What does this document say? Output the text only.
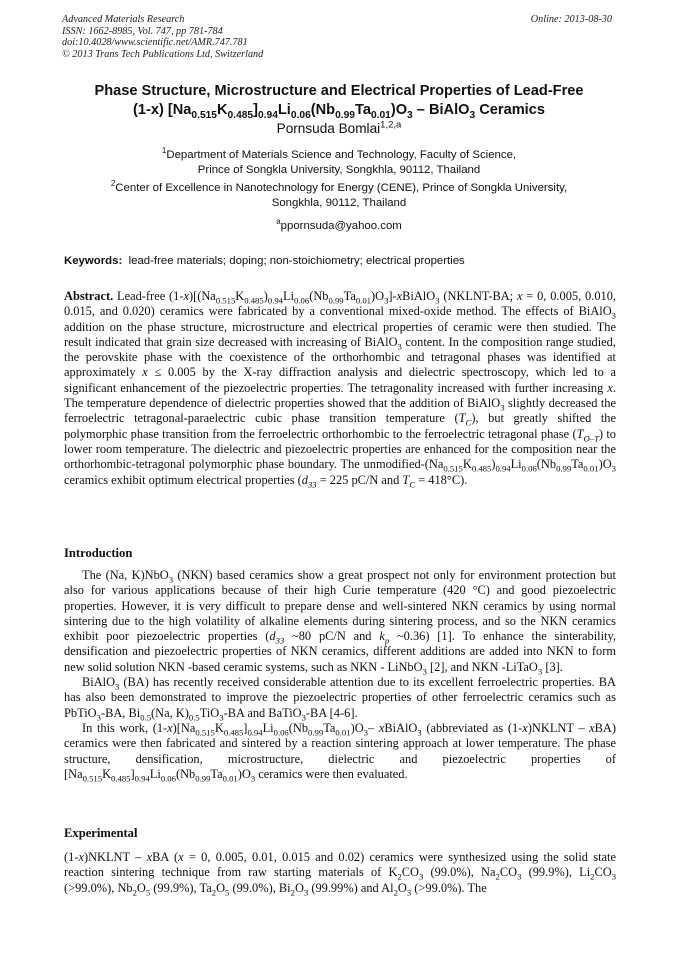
Advanced Materials Research
ISSN: 1662-8985, Vol. 747, pp 781-784
doi:10.4028/www.scientific.net/AMR.747.781
© 2013 Trans Tech Publications Ltd, Switzerland
Online: 2013-08-30
Phase Structure, Microstructure and Electrical Properties of Lead-Free
(1-x) $[Na_{0.515}K_{0.485}]_{0.94}Li_{0.06}(Nb_{0.99}Ta_{0.01})O_3$ – BiAlO$_3$ Ceramics
Pornsuda Bomlai$^{1,2,a}$
$^1$Department of Materials Science and Technology, Faculty of Science,
Prince of Songkla University, Songkhla, 90112, Thailand
$^2$Center of Excellence in Nanotechnology for Energy (CENE), Prince of Songkla University,
Songkhla, 90112, Thailand
$^a$ppornsuda@yahoo.com
Keywords: lead-free materials; doping; non-stoichiometry; electrical properties
Abstract. Lead-free $(1-x)[(Na_{0.515}K_{0.485})_{0.94}Li_{0.06}(Nb_{0.99}Ta_{0.01})O_3]-xBiAlO_3$ (NKLNT-BA; x = 0, 0.005, 0.010, 0.015, and 0.020) ceramics were fabricated by a conventional mixed-oxide method. The effects of BiAlO$_3$ addition on the phase structure, microstructure and electrical properties of ceramic were then studied. The result indicated that grain size decreased with increasing of BiAlO$_3$ content. In the composition range studied, the perovskite phase with the coexistence of the orthorhombic and tetragonal phases was identified at approximately x ≤ 0.005 by the X-ray diffraction analysis and dielectric spectroscopy, which led to a significant enhancement of the piezoelectric properties. The tetragonality increased with further increasing x. The temperature dependence of dielectric properties showed that the addition of BiAlO$_3$ slightly decreased the ferroelectric tetragonal-paraelectric cubic phase transition temperature $(T_C)$, but greatly shifted the polymorphic phase transition from the ferroelectric orthorhombic to the ferroelectric tetragonal phase $(T_{O-T})$ to lower room temperature. The dielectric and piezoelectric properties are enhanced for the composition near the orthorhombic-tetragonal polymorphic phase boundary. The unmodified-$(Na_{0.515}K_{0.485})_{0.94}Li_{0.06}(Nb_{0.99}Ta_{0.01})O_3$ ceramics exhibit optimum electrical properties ($d_{33} = 225$ pC/N and $T_C = 418^\circ C$).
Introduction

The (Na, K)NbO$_3$ (NKN) based ceramics show a great prospect not only for environment protection but also for various applications because of their high Curie temperature (420 °C) and good piezoelectric properties. However, it is very difficult to prepare dense and well-sintered NKN ceramics by using normal sintering due to the high volatility of alkaline elements during sintering process, and so the NKN ceramics exhibit poor piezoelectric properties ($d_{33}$ ~80 pC/N and $k_p$ ~0.36) [1]. To enhance the sinterability, densification and piezoelectric properties of NKN ceramics, different additions are added into NKN to form new solid solution NKN -based ceramic systems, such as NKN - LiNbO$_3$ [2], and NKN -LiTaO$_3$ [3].

BiAlO$_3$ (BA) has recently received considerable attention due to its excellent ferroelectric properties. BA has also been demonstrated to improve the piezoelectric properties of other ferroelectric ceramics such as PbTiO$_3$-BA, $Bi_{0.5}(Na$, $K)_{0.5}TiO_3-BA$ and BaTiO$_3$-BA [4-6].

In this work, $(1-x)[Na_{0.515}K_{0.485}]_{0.94}Li_{0.06}(Nb_{0.99}Ta_{0.01})O_3-$ xBiAlO$_3$ (abbreviated as (1-x)NKLNT – xBA) ceramics were then fabricated and sintered by a reaction sintering approach at lower temperature. The phase structure, densification, microstructure, dielectric and piezoelectric properties of $[Na_{0.515}K_{0.485}]_{0.94}Li_{0.06}(Nb_{0.99}Ta_{0.01})O_3$ ceramics were then evaluated.

Experimental

(1-x)NKLNT – xBA (x = 0, 0.005, 0.01, 0.015 and 0.02) ceramics were synthesized using the solid state reaction sintering technique from raw starting materials of $K_2CO_3$ (99.0%), $Na_2CO_3$ (99.9%), $Li_2CO_3$ (>99.0%), $Nb_2O_5$ (99.9%), $Ta_2O_5$ (99.0%), $Bi_2O_3$ (99.99%) and $Al_2O_3$ (>99.0%). The
